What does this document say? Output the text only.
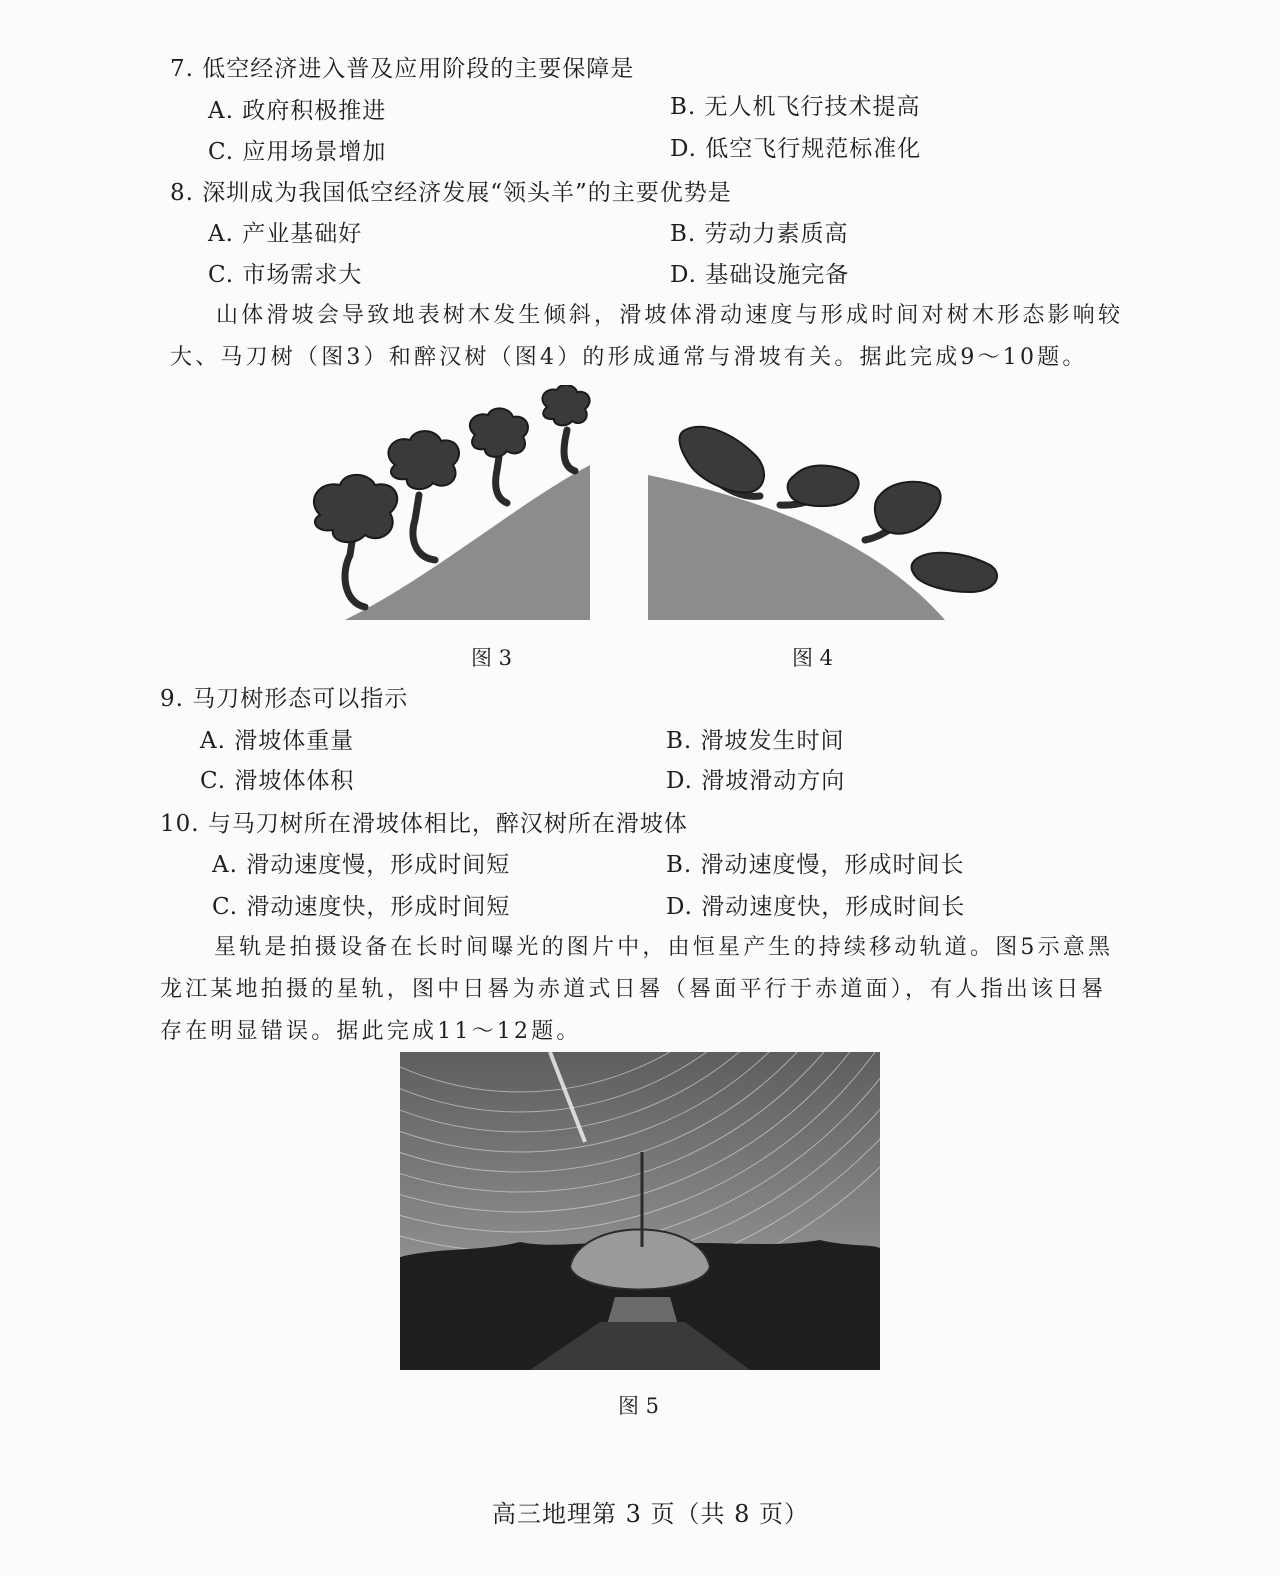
7. 低空经济进入普及应用阶段的主要保障是
A. 政府积极推进	B. 无人机飞行技术提高
C. 应用场景增加	D. 低空飞行规范标准化
8. 深圳成为我国低空经济发展“领头羊”的主要优势是
A. 产业基础好	B. 劳动力素质高
C. 市场需求大	D. 基础设施完备
山体滑坡会导致地表树木发生倾斜，滑坡体滑动速度与形成时间对树木形态影响较
大、马刀树（图3）和醉汉树（图4）的形成通常与滑坡有关。据此完成9～10题。
图 3	图 4
9. 马刀树形态可以指示
A. 滑坡体重量	B. 滑坡发生时间
C. 滑坡体体积	D. 滑坡滑动方向
10. 与马刀树所在滑坡体相比，醉汉树所在滑坡体
A. 滑动速度慢，形成时间短	B. 滑动速度慢，形成时间长
C. 滑动速度快，形成时间短	D. 滑动速度快，形成时间长
星轨是拍摄设备在长时间曝光的图片中，由恒星产生的持续移动轨道。图5示意黑
龙江某地拍摄的星轨，图中日晷为赤道式日晷（晷面平行于赤道面），有人指出该日晷
存在明显错误。据此完成11～12题。
图 5
高三地理第 3 页（共 8 页）
